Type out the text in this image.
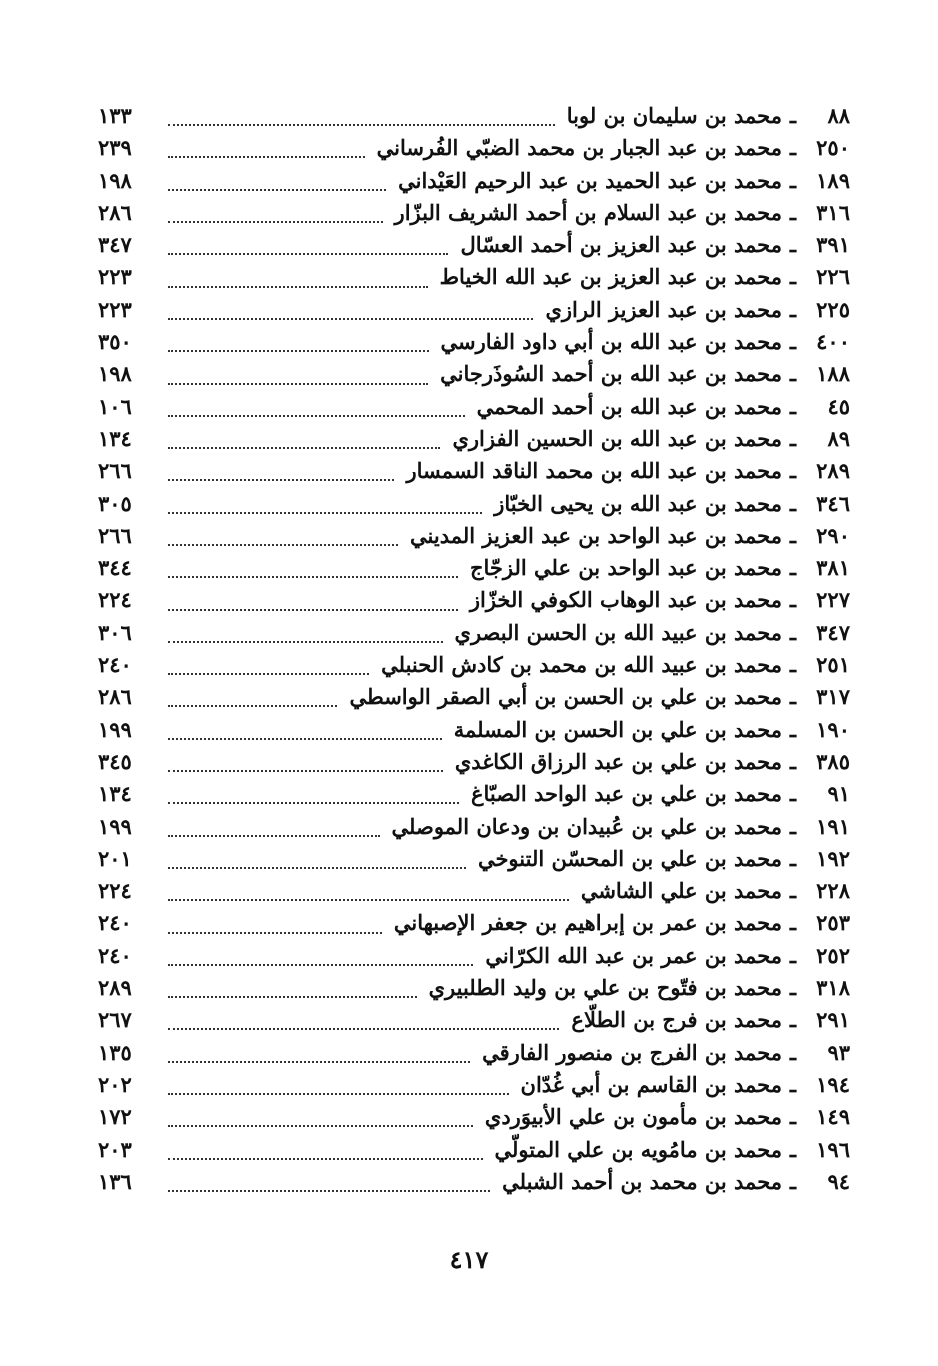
٨٨
ـ
محمد بن سليمان بن لوبا
١٣٣
٢٥٠
ـ
محمد بن عبد الجبار بن محمد الضبّي الفُرساني
٢٣٩
١٨٩
ـ
محمد بن عبد الحميد بن عبد الرحيم العَيْداني
١٩٨
٣١٦
ـ
محمد بن عبد السلام بن أحمد الشريف البزّار
٢٨٦
٣٩١
ـ
محمد بن عبد العزيز بن أحمد العسّال
٣٤٧
٢٢٦
ـ
محمد بن عبد العزيز بن عبد الله الخياط
٢٢٣
٢٢٥
ـ
محمد بن عبد العزيز الرازي
٢٢٣
٤٠٠
ـ
محمد بن عبد الله بن أبي داود الفارسي
٣٥٠
١٨٨
ـ
محمد بن عبد الله بن أحمد السُوذَرجاني
١٩٨
٤٥
ـ
محمد بن عبد الله بن أحمد المحمي
١٠٦
٨٩
ـ
محمد بن عبد الله بن الحسين الفزاري
١٣٤
٢٨٩
ـ
محمد بن عبد الله بن محمد الناقد السمسار
٢٦٦
٣٤٦
ـ
محمد بن عبد الله بن يحيى الخبّاز
٣٠٥
٢٩٠
ـ
محمد بن عبد الواحد بن عبد العزيز المديني
٢٦٦
٣٨١
ـ
محمد بن عبد الواحد بن علي الزجّاج
٣٤٤
٢٢٧
ـ
محمد بن عبد الوهاب الكوفي الخزّاز
٢٢٤
٣٤٧
ـ
محمد بن عبيد الله بن الحسن البصري
٣٠٦
٢٥١
ـ
محمد بن عبيد الله بن محمد بن كادش الحنبلي
٢٤٠
٣١٧
ـ
محمد بن علي بن الحسن بن أبي الصقر الواسطي
٢٨٦
١٩٠
ـ
محمد بن علي بن الحسن بن المسلمة
١٩٩
٣٨٥
ـ
محمد بن علي بن عبد الرزاق الكاغدي
٣٤٥
٩١
ـ
محمد بن علي بن عبد الواحد الصبّاغ
١٣٤
١٩١
ـ
محمد بن علي بن عُبيدان بن ودعان الموصلي
١٩٩
١٩٢
ـ
محمد بن علي بن المحسّن التنوخي
٢٠١
٢٢٨
ـ
محمد بن علي الشاشي
٢٢٤
٢٥٣
ـ
محمد بن عمر بن إبراهيم بن جعفر الإصبهاني
٢٤٠
٢٥٢
ـ
محمد بن عمر بن عبد الله الكرّاني
٢٤٠
٣١٨
ـ
محمد بن فتّوح بن علي بن وليد الطلبيري
٢٨٩
٢٩١
ـ
محمد بن فرج بن الطلّاع
٢٦٧
٩٣
ـ
محمد بن الفرج بن منصور الفارقي
١٣٥
١٩٤
ـ
محمد بن القاسم بن أبي غُدّان
٢٠٢
١٤٩
ـ
محمد بن مأمون بن علي الأبيوَردي
١٧٢
١٩٦
ـ
محمد بن مامُويه بن علي المتولّي
٢٠٣
٩٤
ـ
محمد بن محمد بن أحمد الشبلي
١٣٦
٤١٧
